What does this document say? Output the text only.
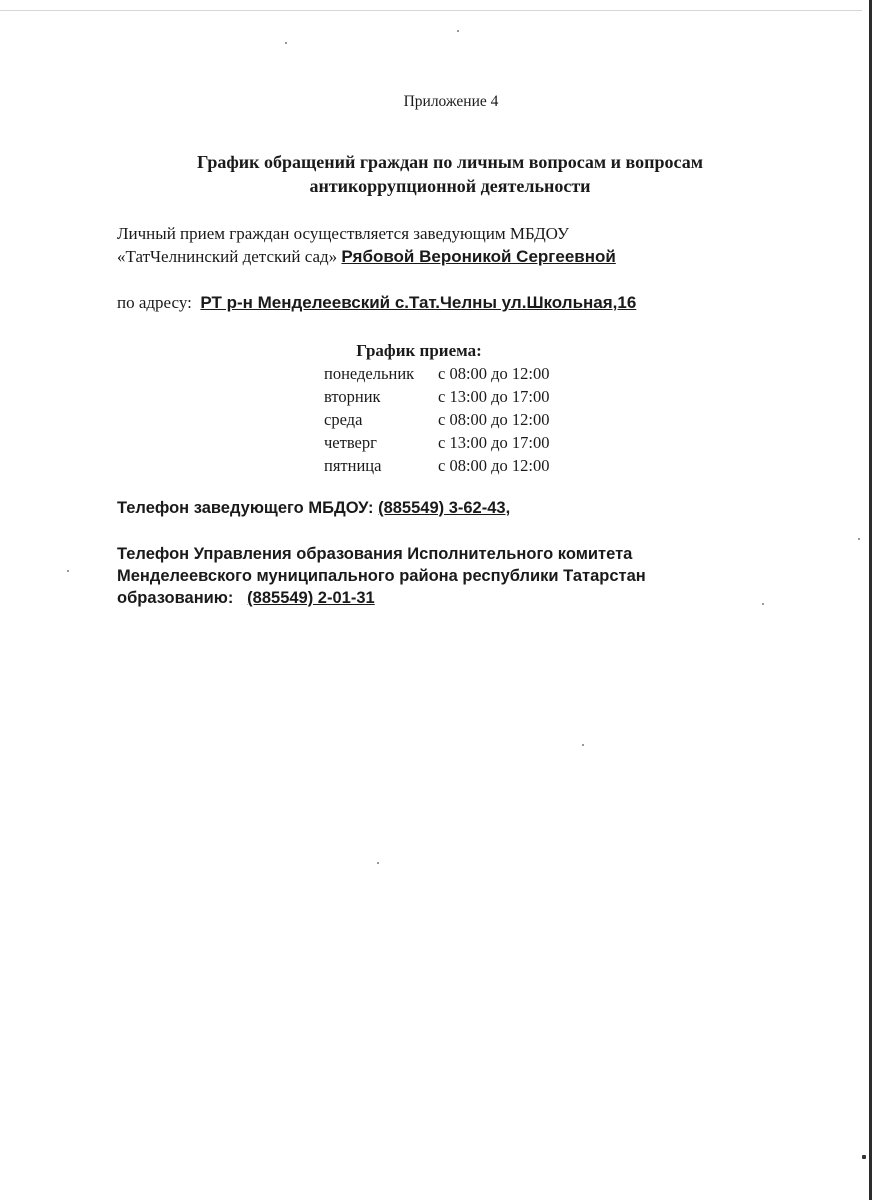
Приложение 4
График обращений граждан по личным вопросам и вопросам
антикоррупционной деятельности
Личный прием граждан осуществляется заведующим МБДОУ
«ТатЧелнинский детский сад» Рябовой Вероникой Сергеевной
по адресу: РТ р-н Менделеевский с.Тат.Челны ул.Школьная,16
График приема:
понедельник	с 08:00 до 12:00
вторник	с 13:00 до 17:00
среда	с 08:00 до 12:00
четверг	с 13:00 до 17:00
пятница	с 08:00 до 12:00
Телефон заведующего МБДОУ: (885549) 3-62-43,
Телефон Управления образования Исполнительного комитета
Менделеевского муниципального района республики Татарстан
образованию: (885549) 2-01-31
